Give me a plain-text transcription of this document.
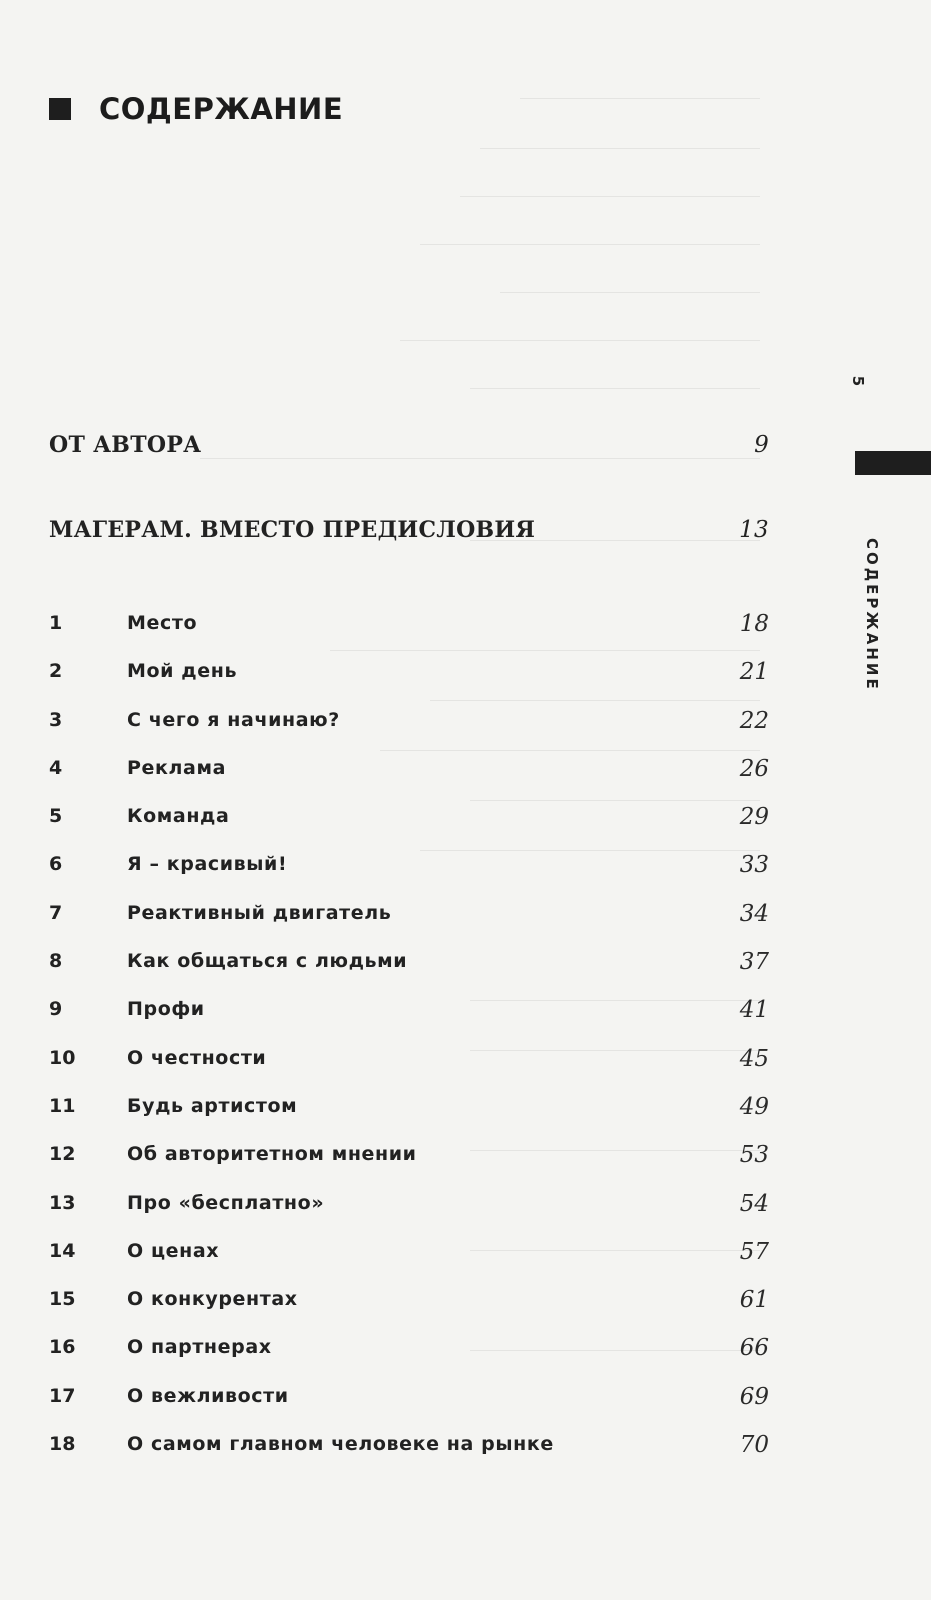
СОДЕРЖАНИЕ
ОТ АВТОРА	9
МАГЕРАМ. ВМЕСТО ПРЕДИСЛОВИЯ	13
1	Место	18
2	Мой день	21
3	С чего я начинаю?	22
4	Реклама	26
5	Команда	29
6	Я – красивый!	33
7	Реактивный двигатель	34
8	Как общаться с людьми	37
9	Профи	41
10	О честности	45
11	Будь артистом	49
12	Об авторитетном мнении	53
13	Про «бесплатно»	54
14	О ценах	57
15	О конкурентах	61
16	О партнерах	66
17	О вежливости	69
18	О самом главном человеке на рынке	70
5
СОДЕРЖАНИЕ
